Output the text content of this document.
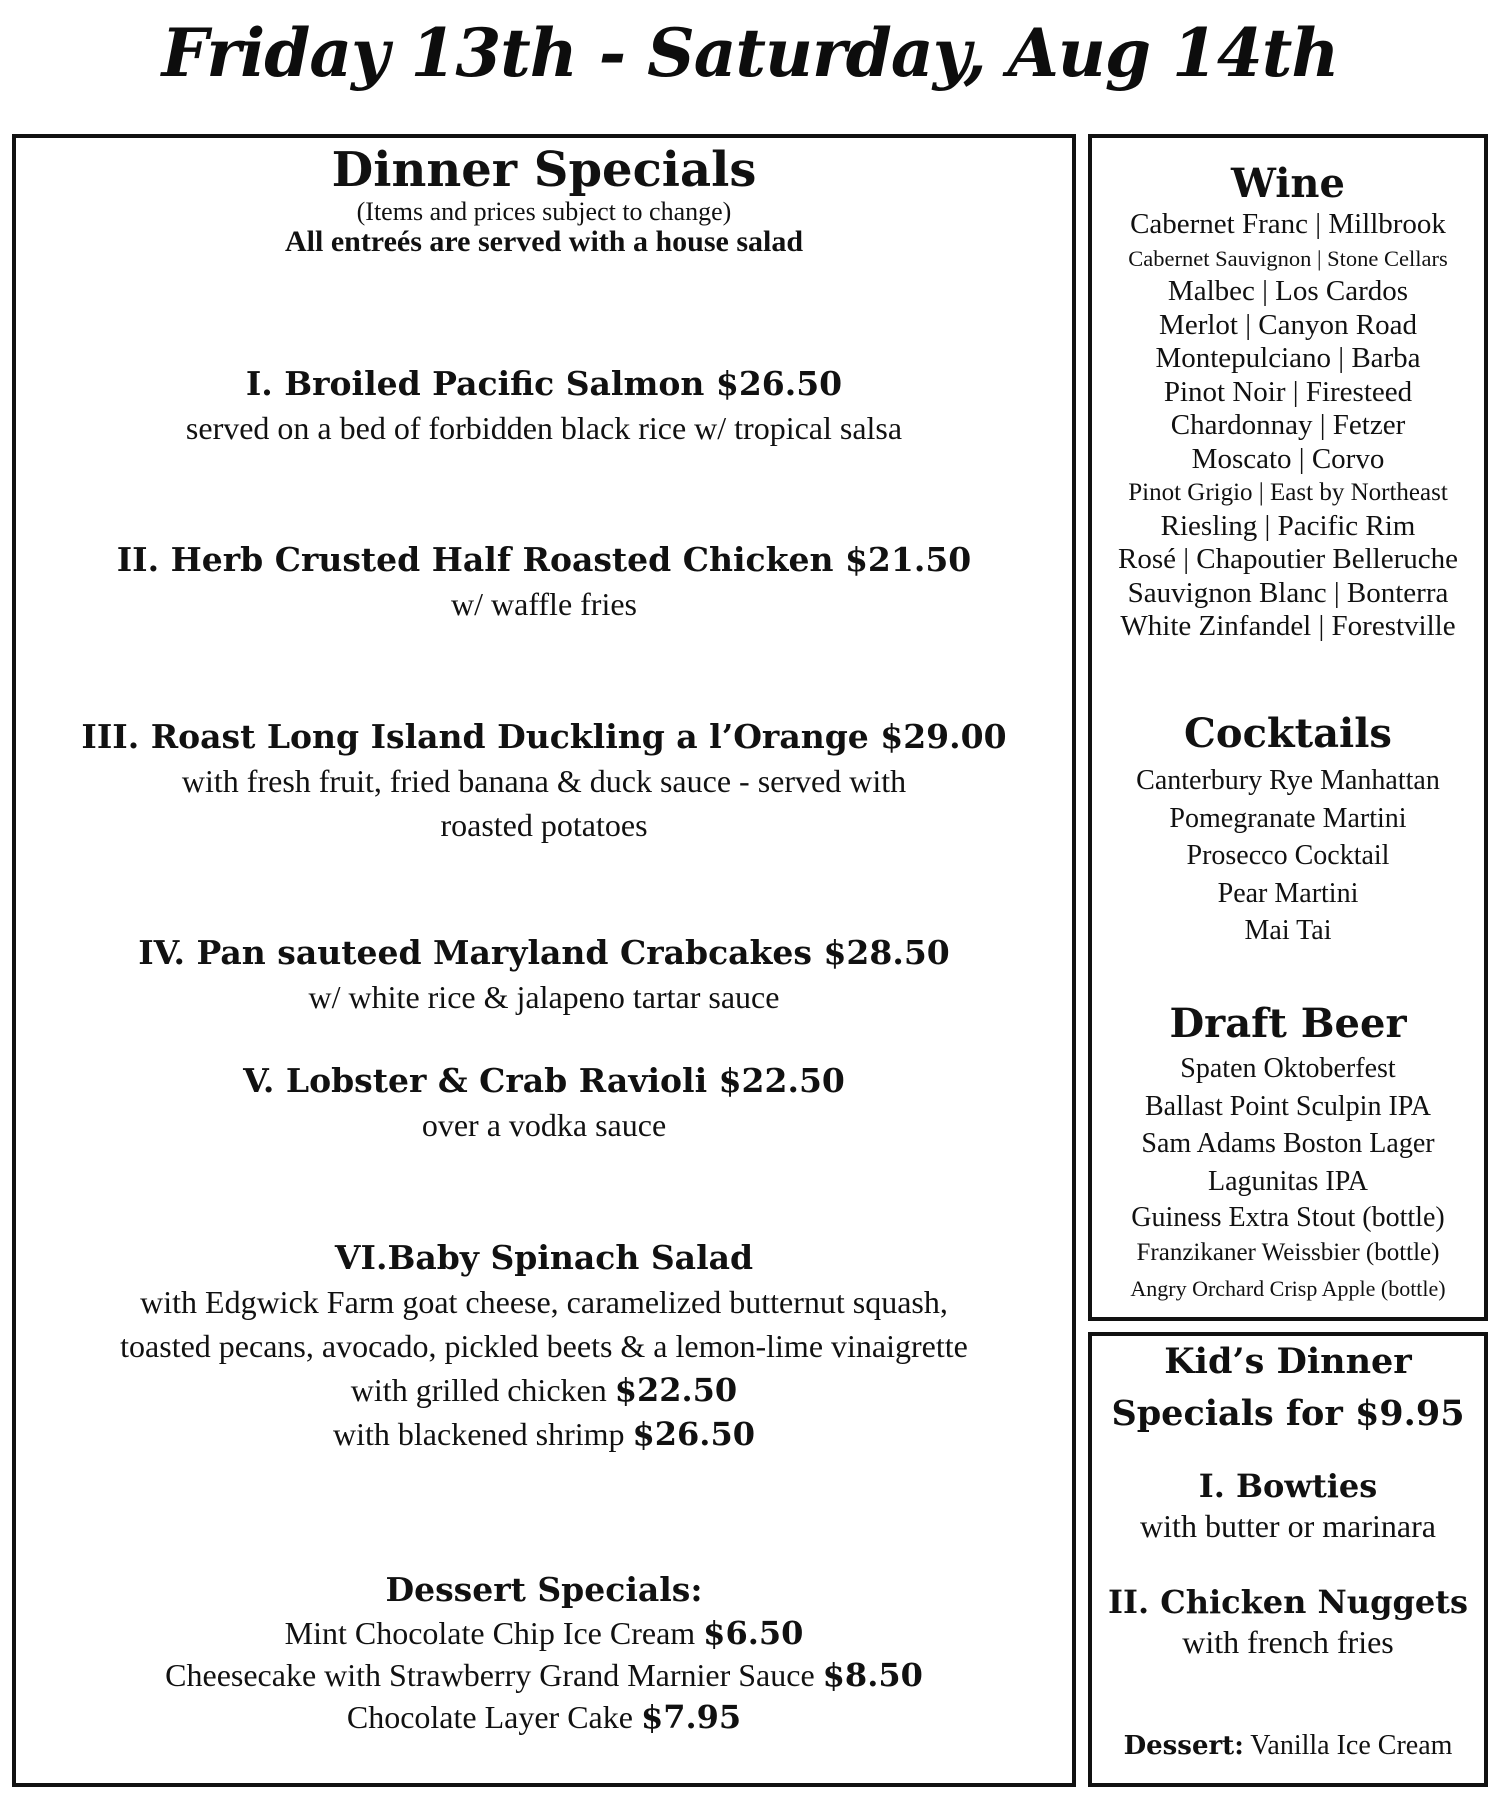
Friday 13th - Saturday, Aug 14th
Dinner Specials
(Items and prices subject to change)
All entreés are served with a house salad
I. Broiled Pacific Salmon $26.50
served on a bed of forbidden black rice w/ tropical salsa
II. Herb Crusted Half Roasted Chicken $21.50
w/ waffle fries
III. Roast Long Island Duckling a l’Orange $29.00
with fresh fruit, fried banana & duck sauce - served with
roasted potatoes
IV. Pan sauteed Maryland Crabcakes $28.50
w/ white rice & jalapeno tartar sauce
V. Lobster & Crab Ravioli $22.50
over a vodka sauce
VI.Baby Spinach Salad
with Edgwick Farm goat cheese, caramelized butternut squash,
toasted pecans, avocado, pickled beets & a lemon-lime vinaigrette
with grilled chicken $22.50
with blackened shrimp $26.50
Dessert Specials:
Mint Chocolate Chip Ice Cream $6.50
Cheesecake with Strawberry Grand Marnier Sauce $8.50
Chocolate Layer Cake $7.95
Wine
Cabernet Franc | Millbrook
Cabernet Sauvignon | Stone Cellars
Malbec | Los Cardos
Merlot | Canyon Road
Montepulciano | Barba
Pinot Noir | Firesteed
Chardonnay | Fetzer
Moscato | Corvo
Pinot Grigio | East by Northeast
Riesling | Pacific Rim
Rosé | Chapoutier Belleruche
Sauvignon Blanc | Bonterra
White Zinfandel | Forestville
Cocktails
Canterbury Rye Manhattan
Pomegranate Martini
Prosecco Cocktail
Pear Martini
Mai Tai
Draft Beer
Spaten Oktoberfest
Ballast Point Sculpin IPA
Sam Adams Boston Lager
Lagunitas IPA
Guiness Extra Stout (bottle)
Franzikaner Weissbier (bottle)
Angry Orchard Crisp Apple (bottle)
Kid’s Dinner
Specials for $9.95
I. Bowties
with butter or marinara
II. Chicken Nuggets
with french fries
Dessert: Vanilla Ice Cream
